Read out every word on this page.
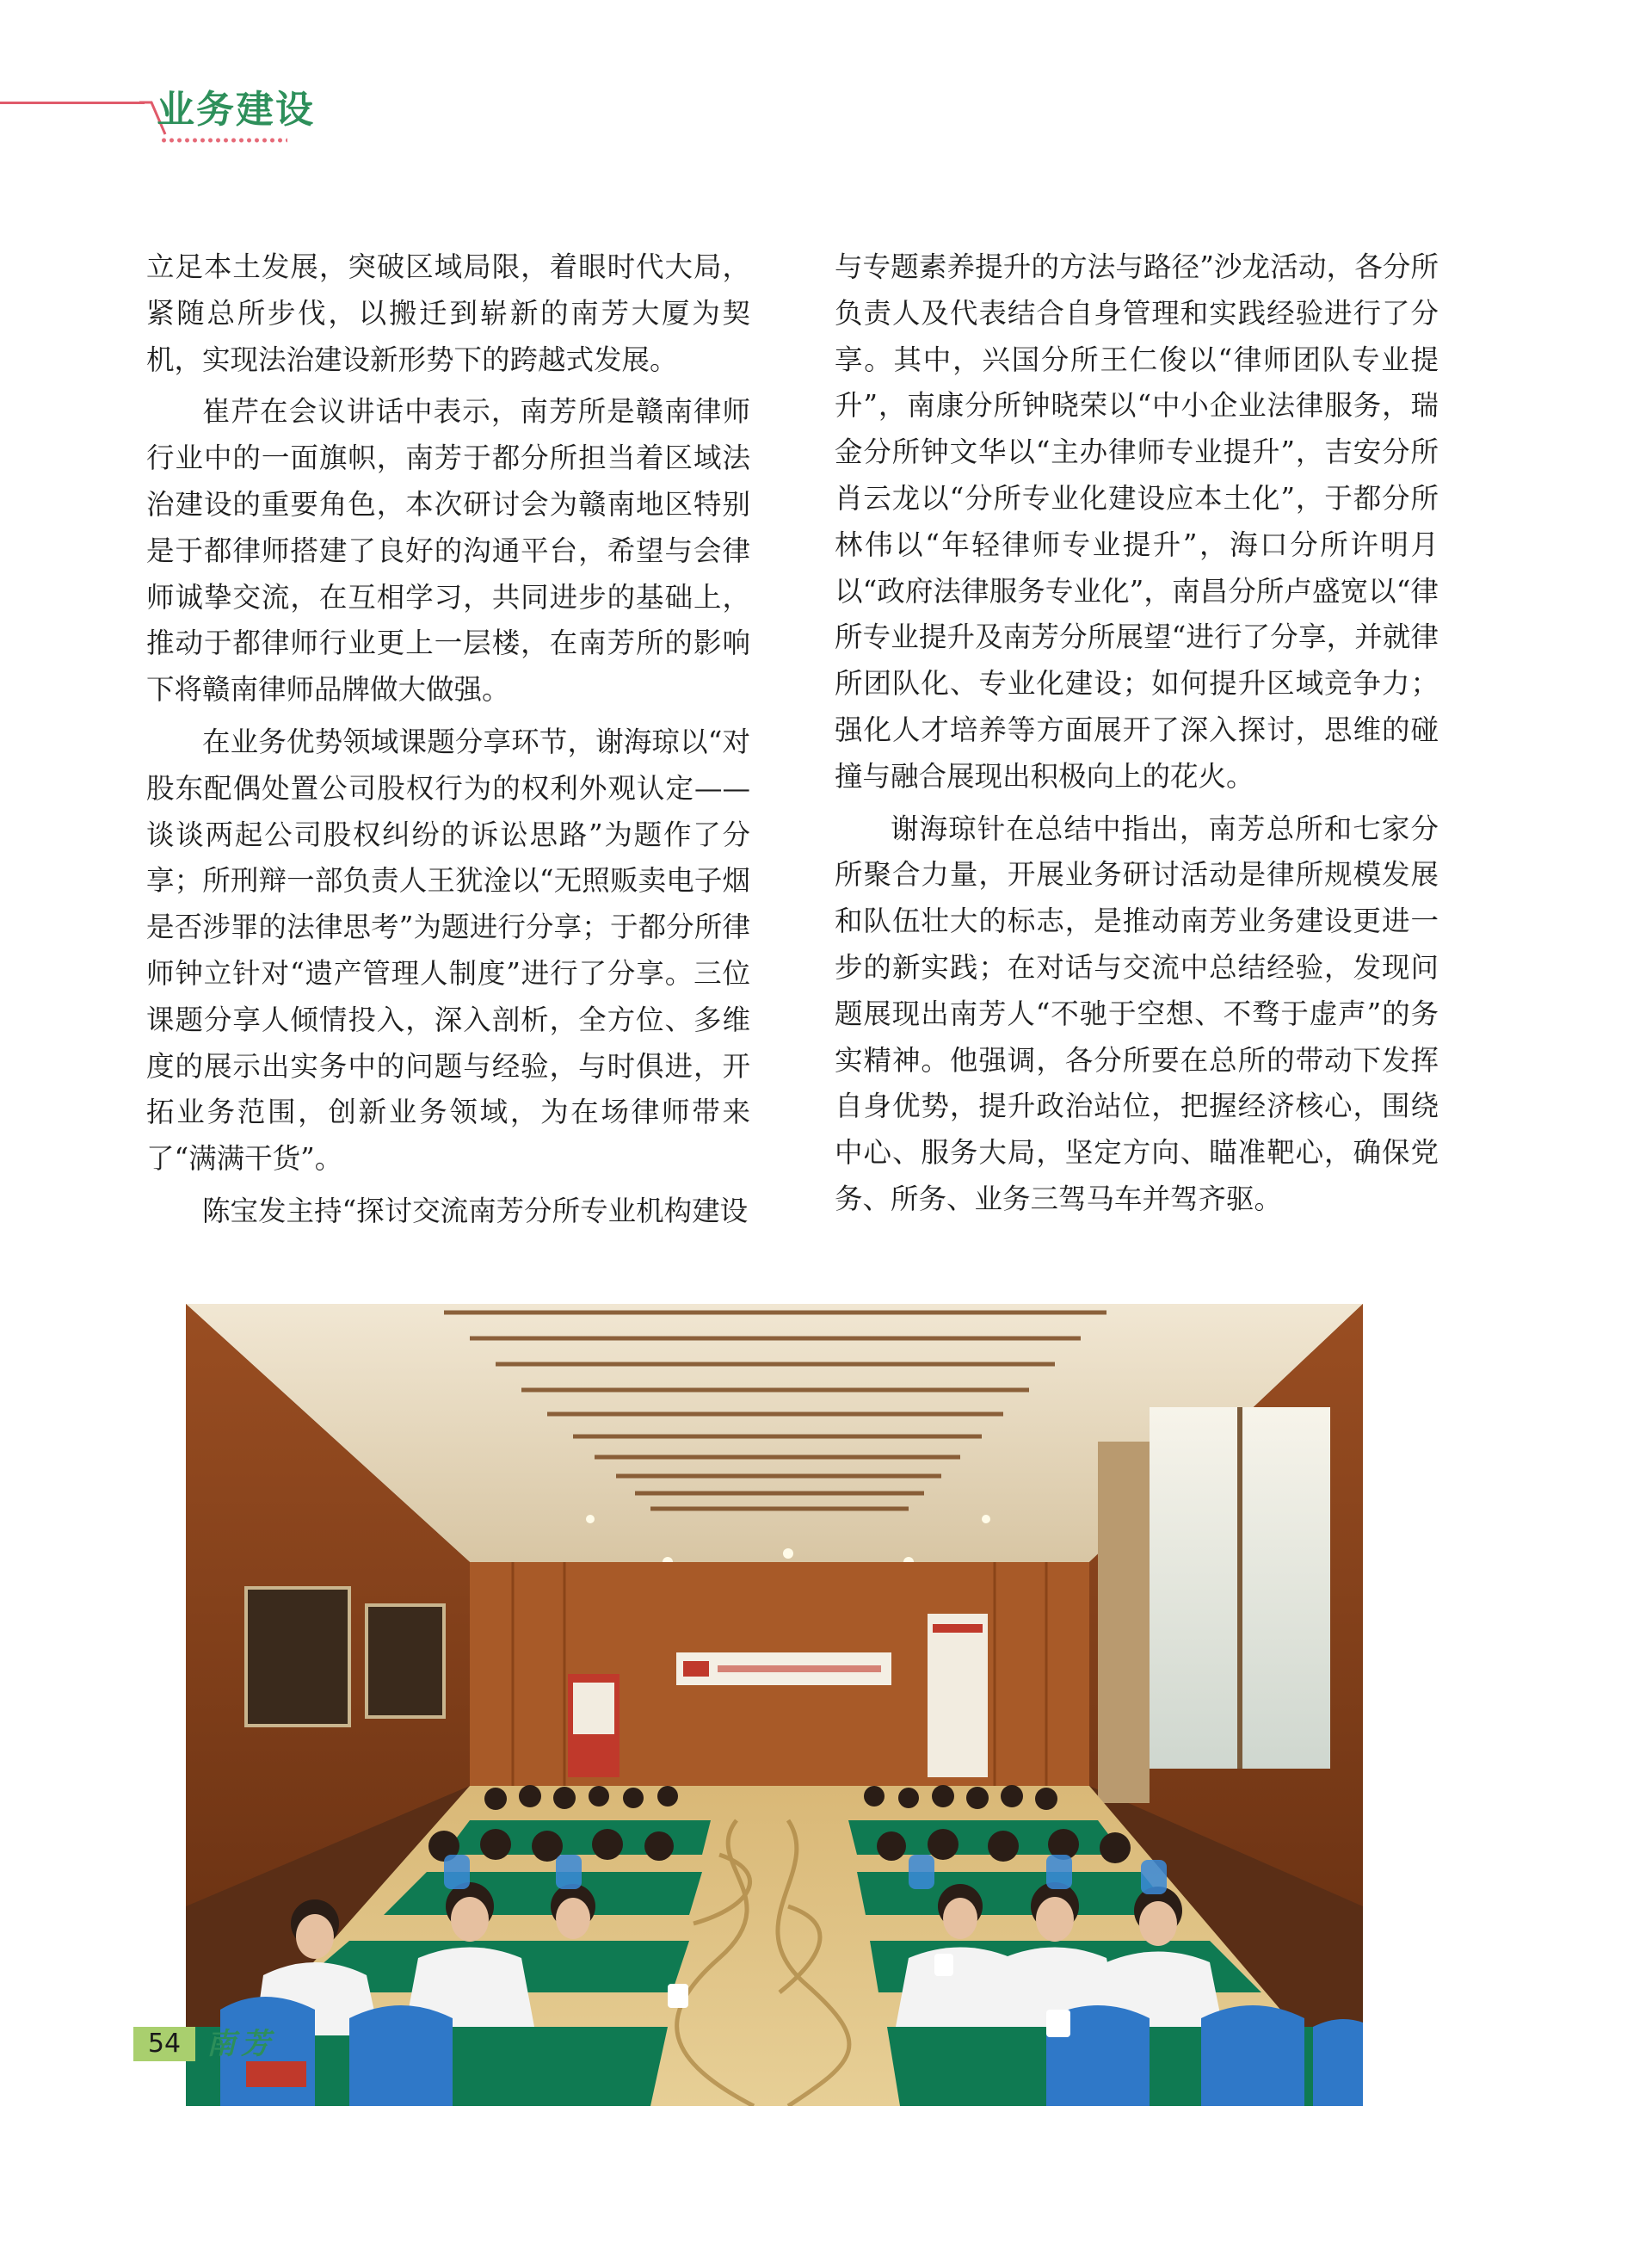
业务建设

立足本土发展，突破区域局限，着眼时代大局，紧随总所步伐，以搬迁到崭新的南芳大厦为契机，实现法治建设新形势下的跨越式发展。

崔芹在会议讲话中表示，南芳所是赣南律师行业中的一面旗帜，南芳于都分所担当着区域法治建设的重要角色，本次研讨会为赣南地区特别是于都律师搭建了良好的沟通平台，希望与会律师诚挚交流，在互相学习，共同进步的基础上，推动于都律师行业更上一层楼，在南芳所的影响下将赣南律师品牌做大做强。

在业务优势领域课题分享环节，谢海琼以“对股东配偶处置公司股权行为的权利外观认定——谈谈两起公司股权纠纷的诉讼思路”为题作了分享；所刑辩一部负责人王犹淦以“无照贩卖电子烟是否涉罪的法律思考”为题进行分享；于都分所律师钟立针对“遗产管理人制度”进行了分享。三位课题分享人倾情投入，深入剖析，全方位、多维度的展示出实务中的问题与经验，与时俱进，开拓业务范围，创新业务领域，为在场律师带来了“满满干货”。

陈宝发主持“探讨交流南芳分所专业机构建设

与专题素养提升的方法与路径”沙龙活动，各分所负责人及代表结合自身管理和实践经验进行了分享。其中，兴国分所王仁俊以“律师团队专业提升”，南康分所钟晓荣以“中小企业法律服务，瑞金分所钟文华以“主办律师专业提升”，吉安分所肖云龙以“分所专业化建设应本土化”，于都分所林伟以“年轻律师专业提升”，海口分所许明月以“政府法律服务专业化”，南昌分所卢盛宽以“律所专业提升及南芳分所展望“进行了分享，并就律所团队化、专业化建设；如何提升区域竞争力；强化人才培养等方面展开了深入探讨，思维的碰撞与融合展现出积极向上的花火。

谢海琼针在总结中指出，南芳总所和七家分所聚合力量，开展业务研讨活动是律所规模发展和队伍壮大的标志，是推动南芳业务建设更进一步的新实践；在对话与交流中总结经验，发现问题展现出南芳人“不驰于空想、不骛于虚声”的务实精神。他强调，各分所要在总所的带动下发挥自身优势，提升政治站位，把握经济核心，围绕中心、服务大局，坚定方向、瞄准靶心，确保党务、所务、业务三驾马车并驾齐驱。

54 南芳
